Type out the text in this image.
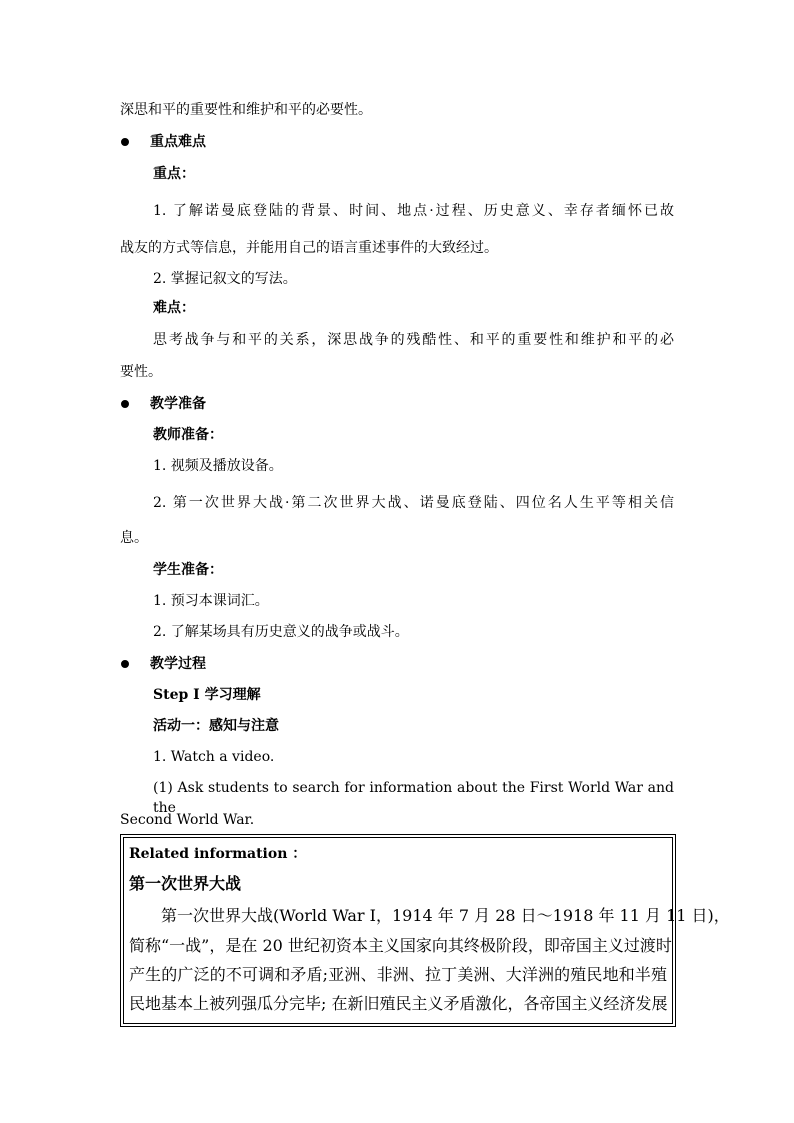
深思和平的重要性和维护和平的必要性。
重点难点
重点：
1. 了解诺曼底登陆的背景、时间、地点·过程、历史意义、幸存者缅怀已故
战友的方式等信息，并能用自己的语言重述事件的大致经过。
2. 掌握记叙文的写法。
难点：
思考战争与和平的关系，深思战争的残酷性、和平的重要性和维护和平的必
要性。
教学准备
教师准备：
1. 视频及播放设备。
2. 第一次世界大战·第二次世界大战、诺曼底登陆、四位名人生平等相关信
息。
学生准备：
1. 预习本课词汇。
2. 了解某场具有历史意义的战争或战斗。
教学过程
Step I 学习理解
活动一：感知与注意
1. Watch a video.
(1) Ask students to search for information about the First World War and the
Second World War.
Related information ：
第一次世界大战
第一次世界大战(World War I，1914 年 7 月 28 日～1918 年 11 月 11 日)，
简称“一战”，是在 20 世纪初资本主义国家向其终极阶段，即帝国主义过渡时
产生的广泛的不可调和矛盾;亚洲、非洲、拉丁美洲、大洋洲的殖民地和半殖
民地基本上被列强瓜分完毕; 在新旧殖民主义矛盾激化，各帝国主义经济发展
